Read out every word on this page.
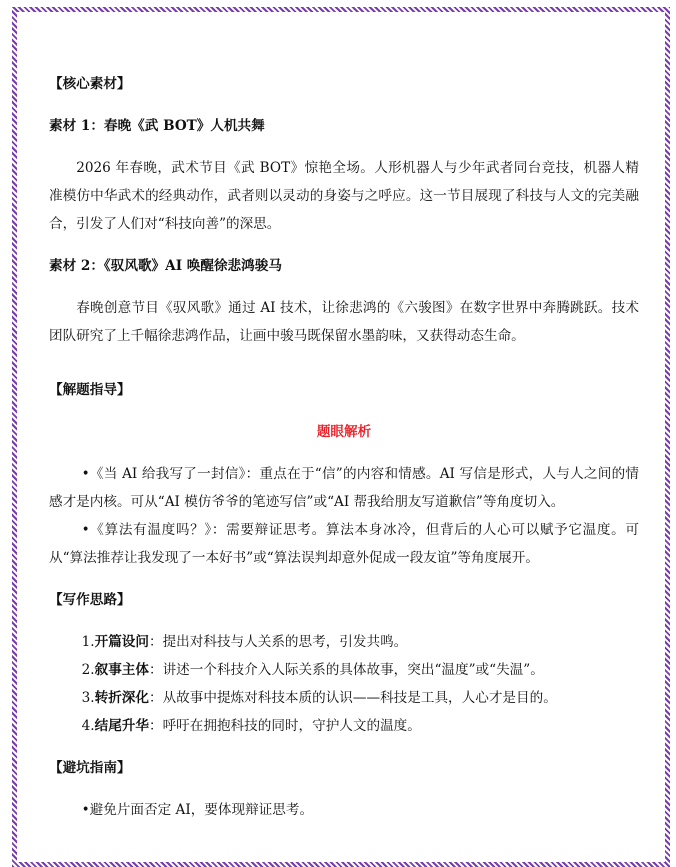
【核心素材】

素材 1：春晚《武 BOT》人机共舞

2026 年春晚，武术节目《武 BOT》惊艳全场。人形机器人与少年武者同台竞技，机器人精准模仿中华武术的经典动作，武者则以灵动的身姿与之呼应。这一节目展现了科技与人文的完美融合，引发了人们对“科技向善”的深思。

素材 2：《驭风歌》AI 唤醒徐悲鸿骏马

春晚创意节目《驭风歌》通过 AI 技术，让徐悲鸿的《六骏图》在数字世界中奔腾跳跃。技术团队研究了上千幅徐悲鸿作品，让画中骏马既保留水墨韵味，又获得动态生命。

【解题指导】

题眼解析

•《当 AI 给我写了一封信》：重点在于“信”的内容和情感。AI 写信是形式，人与人之间的情感才是内核。可从“AI 模仿爷爷的笔迹写信”或“AI 帮我给朋友写道歉信”等角度切入。

•《算法有温度吗？》：需要辩证思考。算法本身冰冷，但背后的人心可以赋予它温度。可从“算法推荐让我发现了一本好书”或“算法误判却意外促成一段友谊”等角度展开。

【写作思路】

1.开篇设问：提出对科技与人关系的思考，引发共鸣。
2.叙事主体：讲述一个科技介入人际关系的具体故事，突出“温度”或“失温”。
3.转折深化：从故事中提炼对科技本质的认识——科技是工具，人心才是目的。
4.结尾升华：呼吁在拥抱科技的同时，守护人文的温度。

【避坑指南】

•避免片面否定 AI，要体现辩证思考。
